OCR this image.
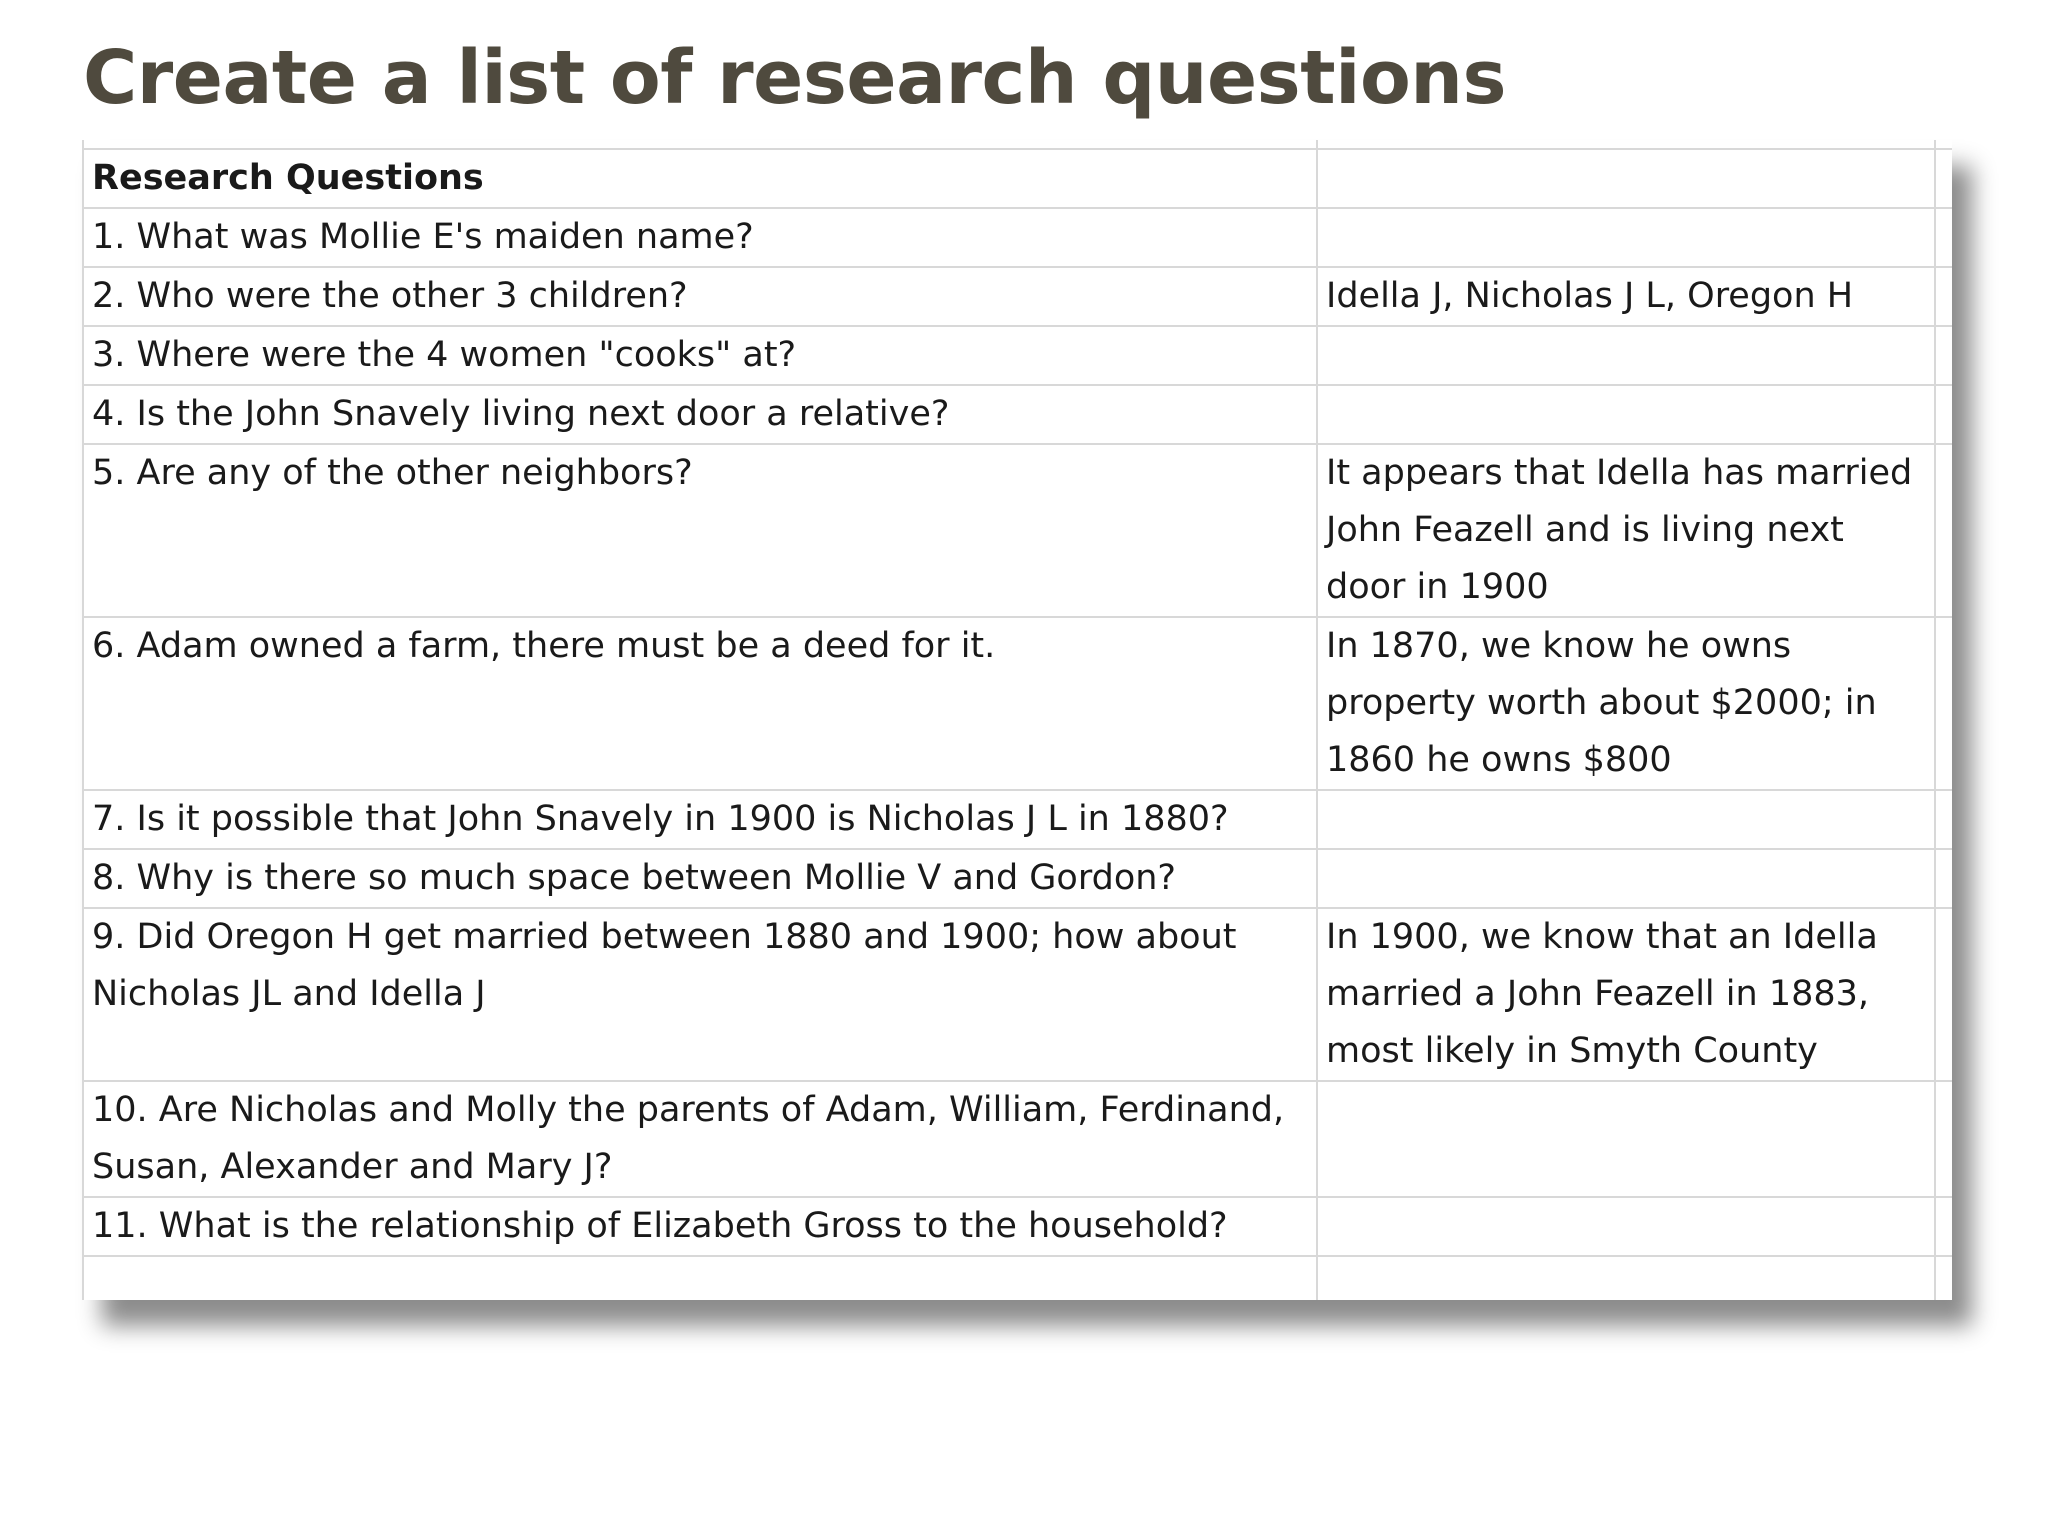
Create a list of research questions

Research Questions		
1. What was Mollie E's maiden name?		
2. Who were the other 3 children?	Idella J, Nicholas J L, Oregon H	
3. Where were the 4 women "cooks" at?		
4. Is the John Snavely living next door a relative?		
5. Are any of the other neighbors?	It appears that Idella has married John Feazell and is living next door in 1900	
6. Adam owned a farm, there must be a deed for it.	In 1870, we know he owns property worth about $2000; in 1860 he owns $800	
7. Is it possible that John Snavely in 1900 is Nicholas J L in 1880?		
8. Why is there so much space between Mollie V and Gordon?		
9. Did Oregon H get married between 1880 and 1900; how about Nicholas JL and Idella J	In 1900, we know that an Idella married a John Feazell in 1883, most likely in Smyth County	
10. Are Nicholas and Molly the parents of Adam, William, Ferdinand, Susan, Alexander and Mary J?		
11. What is the relationship of Elizabeth Gross to the household?		
